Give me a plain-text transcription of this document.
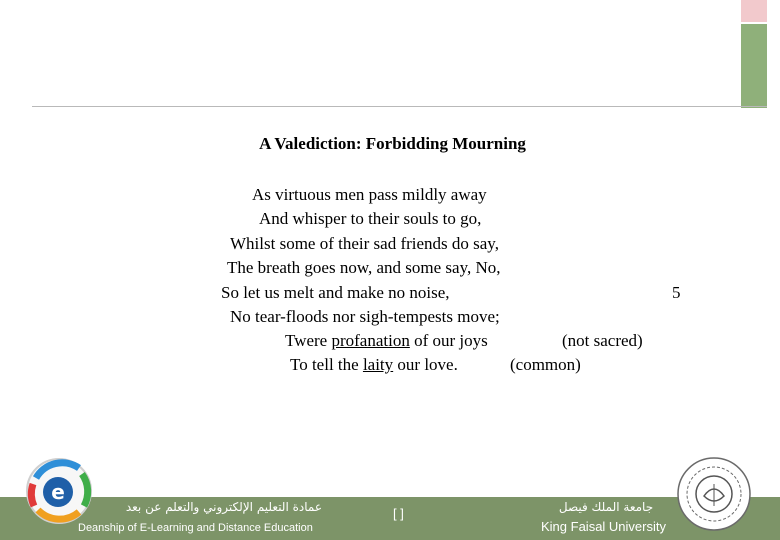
A Valediction: Forbidding Mourning
As virtuous men pass mildly away
And whisper to their souls to go,
Whilst some of their sad friends do say,
The breath goes now, and some say, No,
So let us melt and make no noise,	5
No tear-floods nor sigh-tempests move;
Twere profanation of our joys	(not sacred)
To tell the laity our love.	(common)
e
عمادة التعليم الإلكتروني والتعلم عن بعد
Deanship of E-Learning and Distance Education
[ ]	جامعة الملك فيصل
King Faisal University
